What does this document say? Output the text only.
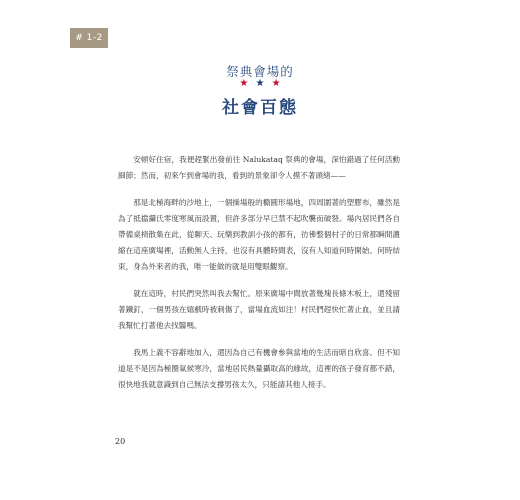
# 1-2
祭典會場的
★ ★ ★
社會百態

安頓好住宿，我便趕緊出發前往 Nalukataq 祭典的會場，深怕錯過了任何活動細節；然而，初來乍到會場的我，看到的景象卻令人摸不著頭緒——

那是北極海畔的沙地上，一個操場般的橢圓形場地，四周圍著的塑膠布，雖然是為了抵擋攝氏零度寒風而設置，但許多部分早已禁不起吹襲而破裂。場內居民們各自帶備桌椅散集在此，從聊天、玩樂到教訓小孩的都有，彷彿整個村子的日常都瞬間濃縮在這座廣場裡，活動無人主持，也沒有具體時間表，沒有人知道何時開始、何時結束，身為外來者的我，唯一能做的就是用雙眼觀察。

就在這時，村民們突然叫我去幫忙。原來廣場中間放著幾塊長條木板上，還殘留著鐵釘，一個男孩在嬉戲時被刺傷了，當場血流如注！村民們趕快忙著止血，並且請我幫忙打著他去找醫嗎。

我馬上義不容辭地加入，還因為自己有機會參與當地的生活而暗自欣喜。但不知道是不是因為極圈氣候寒冷，當地居民熱量攝取高的緣故，這裡的孩子發育都不錯，很快地我就意識到自己無法支撐男孩太久，只能請其他人接手。

20
